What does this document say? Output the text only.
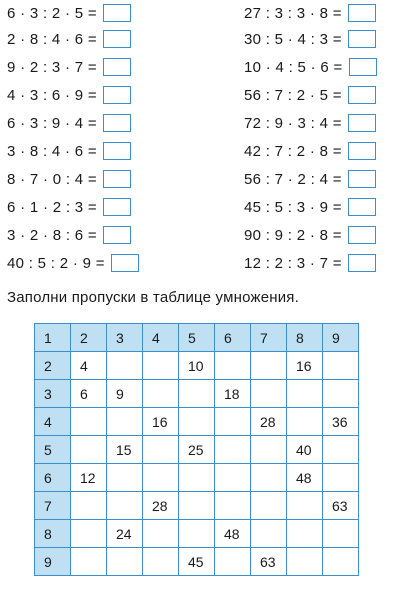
6 · 3 : 2 · 5 =	27 : 3 : 3 · 8 =
2 · 8 : 4 · 6 =	30 : 5 · 4 : 3 =
9 · 2 : 3 · 7 =	10 · 4 : 5 · 6 =
4 · 3 : 6 · 9 =	56 : 7 : 2 · 5 =
6 · 3 : 9 · 4 =	72 : 9 · 3 : 4 =
3 · 8 : 4 · 6 =	42 : 7 : 2 · 8 =
8 · 7 · 0 : 4 =	56 : 7 · 2 : 4 =
6 · 1 · 2 : 3 =	45 : 5 : 3 · 9 =
3 · 2 · 8 : 6 =	90 : 9 : 2 · 8 =
40 : 5 : 2 · 9 =	12 : 2 : 3 · 7 =
Заполни пропуски в таблице умножения.
1	2	3	4	5	6	7	8	9
2	4			10			16	
3	6	9			18			
4			16			28		36
5		15		25			40	
6	12						48	
7			28					63
8		24			48			
9				45		63		
